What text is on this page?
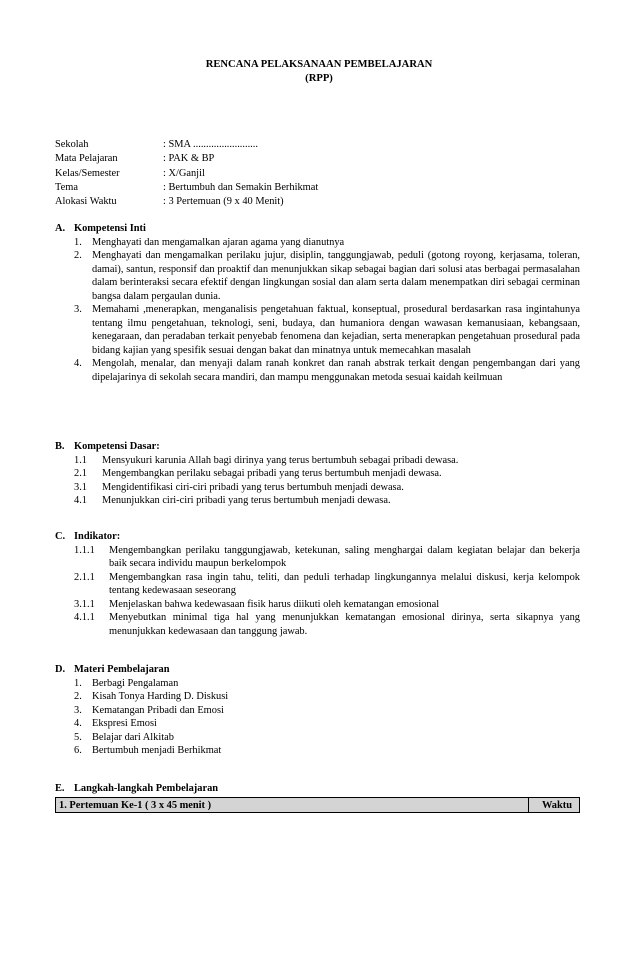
RENCANA PELAKSANAAN PEMBELAJARAN
(RPP)
Sekolah	: SMA .........................
Mata Pelajaran	: PAK & BP
Kelas/Semester	: X/Ganjil
Tema	: Bertumbuh dan Semakin Berhikmat
Alokasi Waktu	: 3 Pertemuan (9 x 40 Menit)
A. Kompetensi Inti
1. Menghayati dan mengamalkan ajaran agama yang dianutnya
2. Menghayati dan mengamalkan perilaku jujur, disiplin, tanggungjawab, peduli (gotong royong, kerjasama, toleran, damai), santun, responsif dan proaktif dan menunjukkan sikap sebagai bagian dari solusi atas berbagai permasalahan dalam berinteraksi secara efektif dengan lingkungan sosial dan alam serta dalam menempatkan diri sebagai cerminan bangsa dalam pergaulan dunia.
3. Memahami ,menerapkan, menganalisis pengetahuan faktual, konseptual, prosedural berdasarkan rasa ingintahunya tentang ilmu pengetahuan, teknologi, seni, budaya, dan humaniora dengan wawasan kemanusiaan, kebangsaan, kenegaraan, dan peradaban terkait penyebab fenomena dan kejadian, serta menerapkan pengetahuan prosedural pada bidang kajian yang spesifik sesuai dengan bakat dan minatnya untuk memecahkan masalah
4. Mengolah, menalar, dan menyaji dalam ranah konkret dan ranah abstrak terkait dengan pengembangan dari yang dipelajarinya di sekolah secara mandiri, dan mampu menggunakan metoda sesuai kaidah keilmuan
B. Kompetensi Dasar:
1.1	Mensyukuri karunia Allah bagi dirinya yang terus bertumbuh sebagai pribadi dewasa.
2.1	Mengembangkan perilaku sebagai pribadi yang terus bertumbuh menjadi dewasa.
3.1	Mengidentifikasi ciri-ciri pribadi yang terus bertumbuh menjadi dewasa.
4.1	Menunjukkan ciri-ciri pribadi yang terus bertumbuh menjadi dewasa.
C. Indikator:
1.1.1	Mengembangkan perilaku tanggungjawab, ketekunan, saling menghargai dalam kegiatan belajar dan bekerja baik secara individu maupun berkelompok
2.1.1	Mengembangkan rasa ingin tahu, teliti, dan peduli terhadap lingkungannya melalui diskusi, kerja kelompok tentang kedewasaan seseorang
3.1.1	Menjelaskan bahwa kedewasaan fisik harus diikuti oleh kematangan emosional
4.1.1	Menyebutkan minimal tiga hal yang menunjukkan kematangan emosional dirinya, serta sikapnya yang menunjukkan kedewasaan dan tanggung jawab.
D. Materi Pembelajaran
1. Berbagi Pengalaman
2. Kisah Tonya Harding D. Diskusi
3. Kematangan Pribadi dan Emosi
4. Ekspresi Emosi
5. Belajar dari Alkitab
6. Bertumbuh menjadi Berhikmat
E. Langkah-langkah Pembelajaran
1. Pertemuan Ke-1 ( 3 x 45 menit )	Waktu
